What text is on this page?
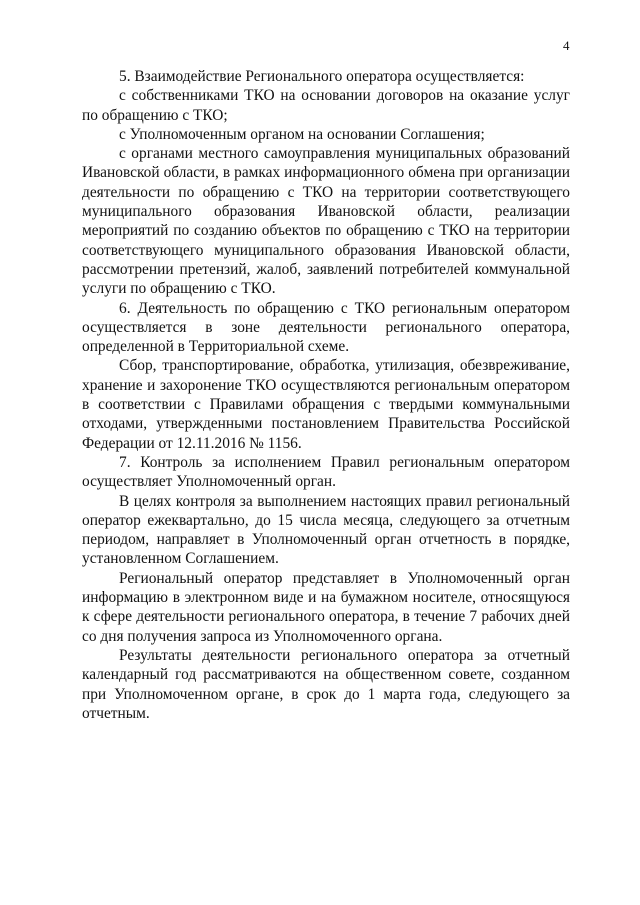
4

5. Взаимодействие Регионального оператора осуществляется:

с собственниками ТКО на основании договоров на оказание услуг по обращению с ТКО;

с Уполномоченным органом на основании Соглашения;

с органами местного самоуправления муниципальных образований Ивановской области, в рамках информационного обмена при организации деятельности по обращению с ТКО на территории соответствующего муниципального образования Ивановской области, реализации мероприятий по созданию объектов по обращению с ТКО на территории соответствующего муниципального образования Ивановской области, рассмотрении претензий, жалоб, заявлений потребителей коммунальной услуги по обращению с ТКО.

6. Деятельность по обращению с ТКО региональным оператором осуществляется в зоне деятельности регионального оператора, определенной в Территориальной схеме.

Сбор, транспортирование, обработка, утилизация, обезвреживание, хранение и захоронение ТКО осуществляются региональным оператором в соответствии с Правилами обращения с твердыми коммунальными отходами, утвержденными постановлением Правительства Российской Федерации от 12.11.2016 № 1156.

7. Контроль за исполнением Правил региональным оператором осуществляет Уполномоченный орган.

В целях контроля за выполнением настоящих правил региональный оператор ежеквартально, до 15 числа месяца, следующего за отчетным периодом, направляет в Уполномоченный орган отчетность в порядке, установленном Соглашением.

Региональный оператор представляет в Уполномоченный орган информацию в электронном виде и на бумажном носителе, относящуюся к сфере деятельности регионального оператора, в течение 7 рабочих дней со дня получения запроса из Уполномоченного органа.

Результаты деятельности регионального оператора за отчетный календарный год рассматриваются на общественном совете, созданном при Уполномоченном органе, в срок до 1 марта года, следующего за отчетным.
